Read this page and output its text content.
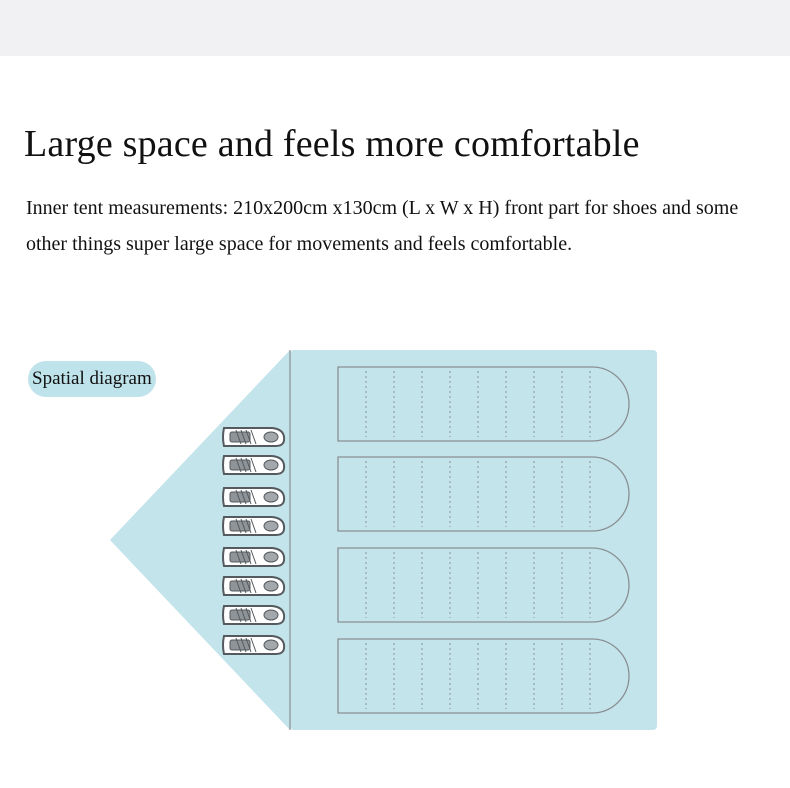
Large space and feels more comfortable

Inner tent measurements: 210x200cm x130cm (L x W x H) front part for shoes and some other things super large space for movements and feels comfortable.

Spatial diagram
